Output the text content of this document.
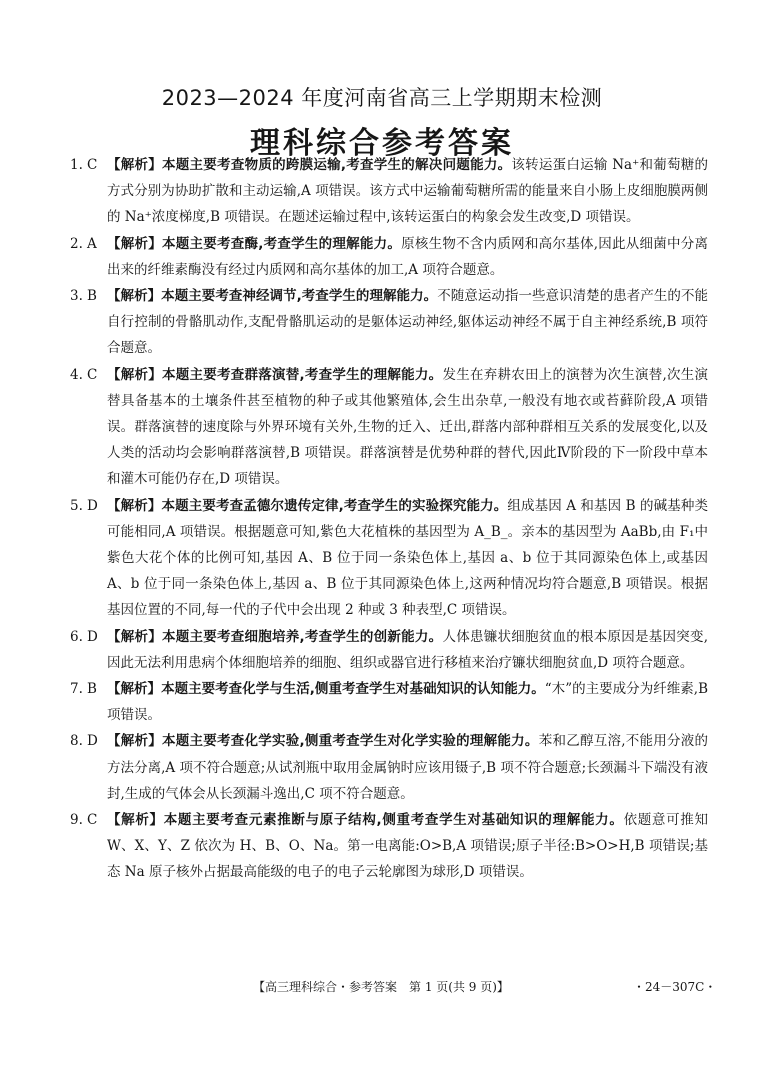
2023—2024 年度河南省高三上学期期末检测
理科综合参考答案
1. C 【解析】本题主要考查物质的跨膜运输,考查学生的解决问题能力。该转运蛋白运输 Na⁺和葡萄糖的方式分别为协助扩散和主动运输,A 项错误。该方式中运输葡萄糖所需的能量来自小肠上皮细胞膜两侧的 Na⁺浓度梯度,B 项错误。在题述运输过程中,该转运蛋白的构象会发生改变,D 项错误。
2. A 【解析】本题主要考查酶,考查学生的理解能力。原核生物不含内质网和高尔基体,因此从细菌中分离出来的纤维素酶没有经过内质网和高尔基体的加工,A 项符合题意。
3. B 【解析】本题主要考查神经调节,考查学生的理解能力。不随意运动指一些意识清楚的患者产生的不能自行控制的骨骼肌动作,支配骨骼肌运动的是躯体运动神经,躯体运动神经不属于自主神经系统,B 项符合题意。
4. C 【解析】本题主要考查群落演替,考查学生的理解能力。发生在弃耕农田上的演替为次生演替,次生演替具备基本的土壤条件甚至植物的种子或其他繁殖体,会生出杂草,一般没有地衣或苔藓阶段,A 项错误。群落演替的速度除与外界环境有关外,生物的迁入、迁出,群落内部种群相互关系的发展变化,以及人类的活动均会影响群落演替,B 项错误。群落演替是优势种群的替代,因此Ⅳ阶段的下一阶段中草本和灌木可能仍存在,D 项错误。
5. D 【解析】本题主要考查孟德尔遗传定律,考查学生的实验探究能力。组成基因 A 和基因 B 的碱基种类可能相同,A 项错误。根据题意可知,紫色大花植株的基因型为 A_B_。亲本的基因型为 AaBb,由 F₁中紫色大花个体的比例可知,基因 A、B 位于同一条染色体上,基因 a、b 位于其同源染色体上,或基因 A、b 位于同一条染色体上,基因 a、B 位于其同源染色体上,这两种情况均符合题意,B 项错误。根据基因位置的不同,每一代的子代中会出现 2 种或 3 种表型,C 项错误。
6. D 【解析】本题主要考查细胞培养,考查学生的创新能力。人体患镰状细胞贫血的根本原因是基因突变,因此无法利用患病个体细胞培养的细胞、组织或器官进行移植来治疗镰状细胞贫血,D 项符合题意。
7. B 【解析】本题主要考查化学与生活,侧重考查学生对基础知识的认知能力。“木”的主要成分为纤维素,B 项错误。
8. D 【解析】本题主要考查化学实验,侧重考查学生对化学实验的理解能力。苯和乙醇互溶,不能用分液的方法分离,A 项不符合题意;从试剂瓶中取用金属钠时应该用镊子,B 项不符合题意;长颈漏斗下端没有液封,生成的气体会从长颈漏斗逸出,C 项不符合题意。
9. C 【解析】本题主要考查元素推断与原子结构,侧重考查学生对基础知识的理解能力。依题意可推知 W、X、Y、Z 依次为 H、B、O、Na。第一电离能:O>B,A 项错误;原子半径:B>O>H,B 项错误;基态 Na 原子核外占据最高能级的电子的电子云轮廓图为球形,D 项错误。
【高三理科综合・参考答案　第 1 页(共 9 页)】	・24－307C・
